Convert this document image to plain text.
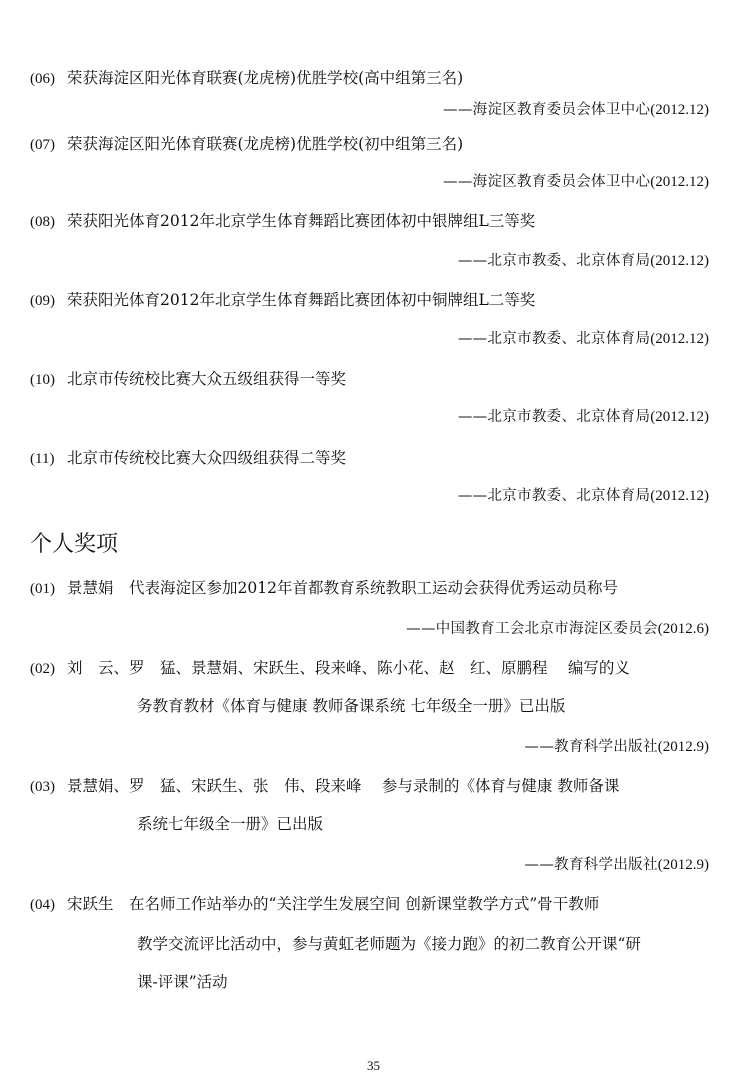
(06) 荣获海淀区阳光体育联赛(龙虎榜)优胜学校(高中组第三名)
——海淀区教育委员会体卫中心(2012.12)
(07) 荣获海淀区阳光体育联赛(龙虎榜)优胜学校(初中组第三名)
——海淀区教育委员会体卫中心(2012.12)
(08) 荣获阳光体育2012年北京学生体育舞蹈比赛团体初中银牌组L三等奖
——北京市教委、北京体育局(2012.12)
(09) 荣获阳光体育2012年北京学生体育舞蹈比赛团体初中铜牌组L二等奖
——北京市教委、北京体育局(2012.12)
(10) 北京市传统校比赛大众五级组获得一等奖
——北京市教委、北京体育局(2012.12)
(11) 北京市传统校比赛大众四级组获得二等奖
——北京市教委、北京体育局(2012.12)
个人奖项
(01) 景慧娟　代表海淀区参加2012年首都教育系统教职工运动会获得优秀运动员称号
——中国教育工会北京市海淀区委员会(2012.6)
(02) 刘　云、罗　猛、景慧娟、宋跃生、段来峰、陈小花、赵　红、原鹏程　 编写的义
务教育教材《体育与健康 教师备课系统 七年级全一册》已出版
——教育科学出版社(2012.9)
(03) 景慧娟、罗　猛、宋跃生、张　伟、段来峰　 参与录制的《体育与健康 教师备课
系统七年级全一册》已出版
——教育科学出版社(2012.9)
(04) 宋跃生　在名师工作站举办的“关注学生发展空间 创新课堂教学方式”骨干教师
教学交流评比活动中，参与黄虹老师题为《接力跑》的初二教育公开课“研
课-评课”活动
35
